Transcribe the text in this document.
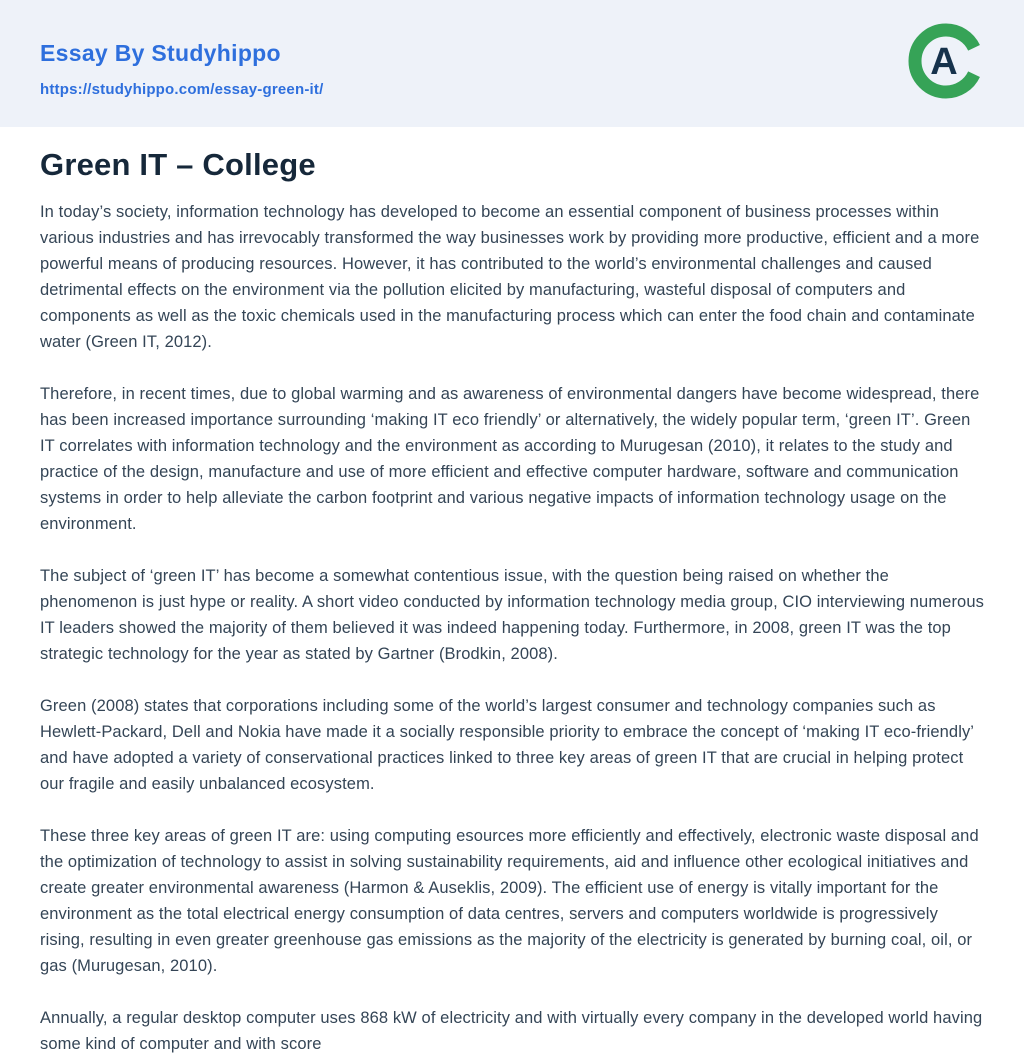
Essay By Studyhippo
https://studyhippo.com/essay-green-it/
A
Green IT – College

In today’s society, information technology has developed to become an essential component of business processes within various industries and has irrevocably transformed the way businesses work by providing more productive, efficient and a more powerful means of producing resources. However, it has contributed to the world’s environmental challenges and caused detrimental effects on the environment via the pollution elicited by manufacturing, wasteful disposal of computers and components as well as the toxic chemicals used in the manufacturing process which can enter the food chain and contaminate water (Green IT, 2012).

Therefore, in recent times, due to global warming and as awareness of environmental dangers have become widespread, there has been increased importance surrounding ‘making IT eco friendly’ or alternatively, the widely popular term, ‘green IT’. Green IT correlates with information technology and the environment as according to Murugesan (2010), it relates to the study and practice of the design, manufacture and use of more efficient and effective computer hardware, software and communication systems in order to help alleviate the carbon footprint and various negative impacts of information technology usage on the environment.

The subject of ‘green IT’ has become a somewhat contentious issue, with the question being raised on whether the phenomenon is just hype or reality. A short video conducted by information technology media group, CIO interviewing numerous IT leaders showed the majority of them believed it was indeed happening today. Furthermore, in 2008, green IT was the top strategic technology for the year as stated by Gartner (Brodkin, 2008).

Green (2008) states that corporations including some of the world’s largest consumer and technology companies such as Hewlett-Packard, Dell and Nokia have made it a socially responsible priority to embrace the concept of ‘making IT eco-friendly’ and have adopted a variety of conservational practices linked to three key areas of green IT that are crucial in helping protect our fragile and easily unbalanced ecosystem.

These three key areas of green IT are: using computing esources more efficiently and effectively, electronic waste disposal and the optimization of technology to assist in solving sustainability requirements, aid and influence other ecological initiatives and create greater environmental awareness (Harmon & Auseklis, 2009). The efficient use of energy is vitally important for the environment as the total electrical energy consumption of data centres, servers and computers worldwide is progressively rising, resulting in even greater greenhouse gas emissions as the majority of the electricity is generated by burning coal, oil, or gas (Murugesan, 2010).

Annually, a regular desktop computer uses 868 kW of electricity and with virtually every company in the developed world having some kind of computer and with score
